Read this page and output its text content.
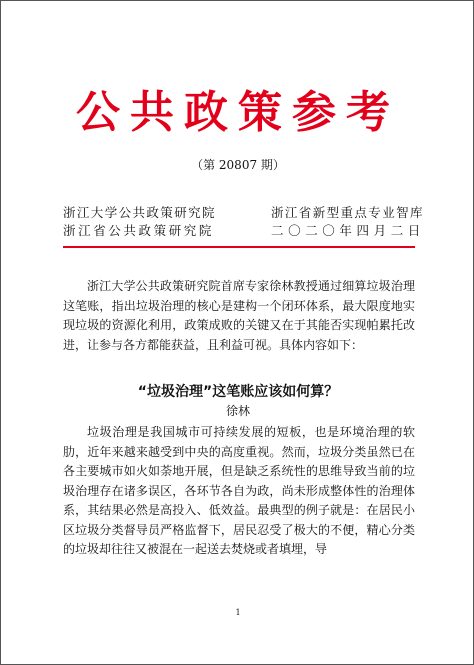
公共政策参考
（第 20807 期）
浙江大学公共政策研究院
浙江省公共政策研究院
浙江省新型重点专业智库
二〇二〇年四月二日

浙江大学公共政策研究院首席专家徐林教授通过细算垃圾治理这笔账，指出垃圾治理的核心是建构一个闭环体系，最大限度地实现垃圾的资源化利用，政策成败的关键又在于其能否实现帕累托改进，让参与各方都能获益，且利益可视。具体内容如下：

“垃圾治理”这笔账应该如何算？
徐林

垃圾治理是我国城市可持续发展的短板，也是环境治理的软肋，近年来越来越受到中央的高度重视。然而，垃圾分类虽然已在各主要城市如火如荼地开展，但是缺乏系统性的思维导致当前的垃圾治理存在诸多误区，各环节各自为政，尚未形成整体性的治理体系，其结果必然是高投入、低效益。最典型的例子就是：在居民小区垃圾分类督导员严格监督下，居民忍受了极大的不便，精心分类的垃圾却往往又被混在一起送去焚烧或者填埋，导

1
